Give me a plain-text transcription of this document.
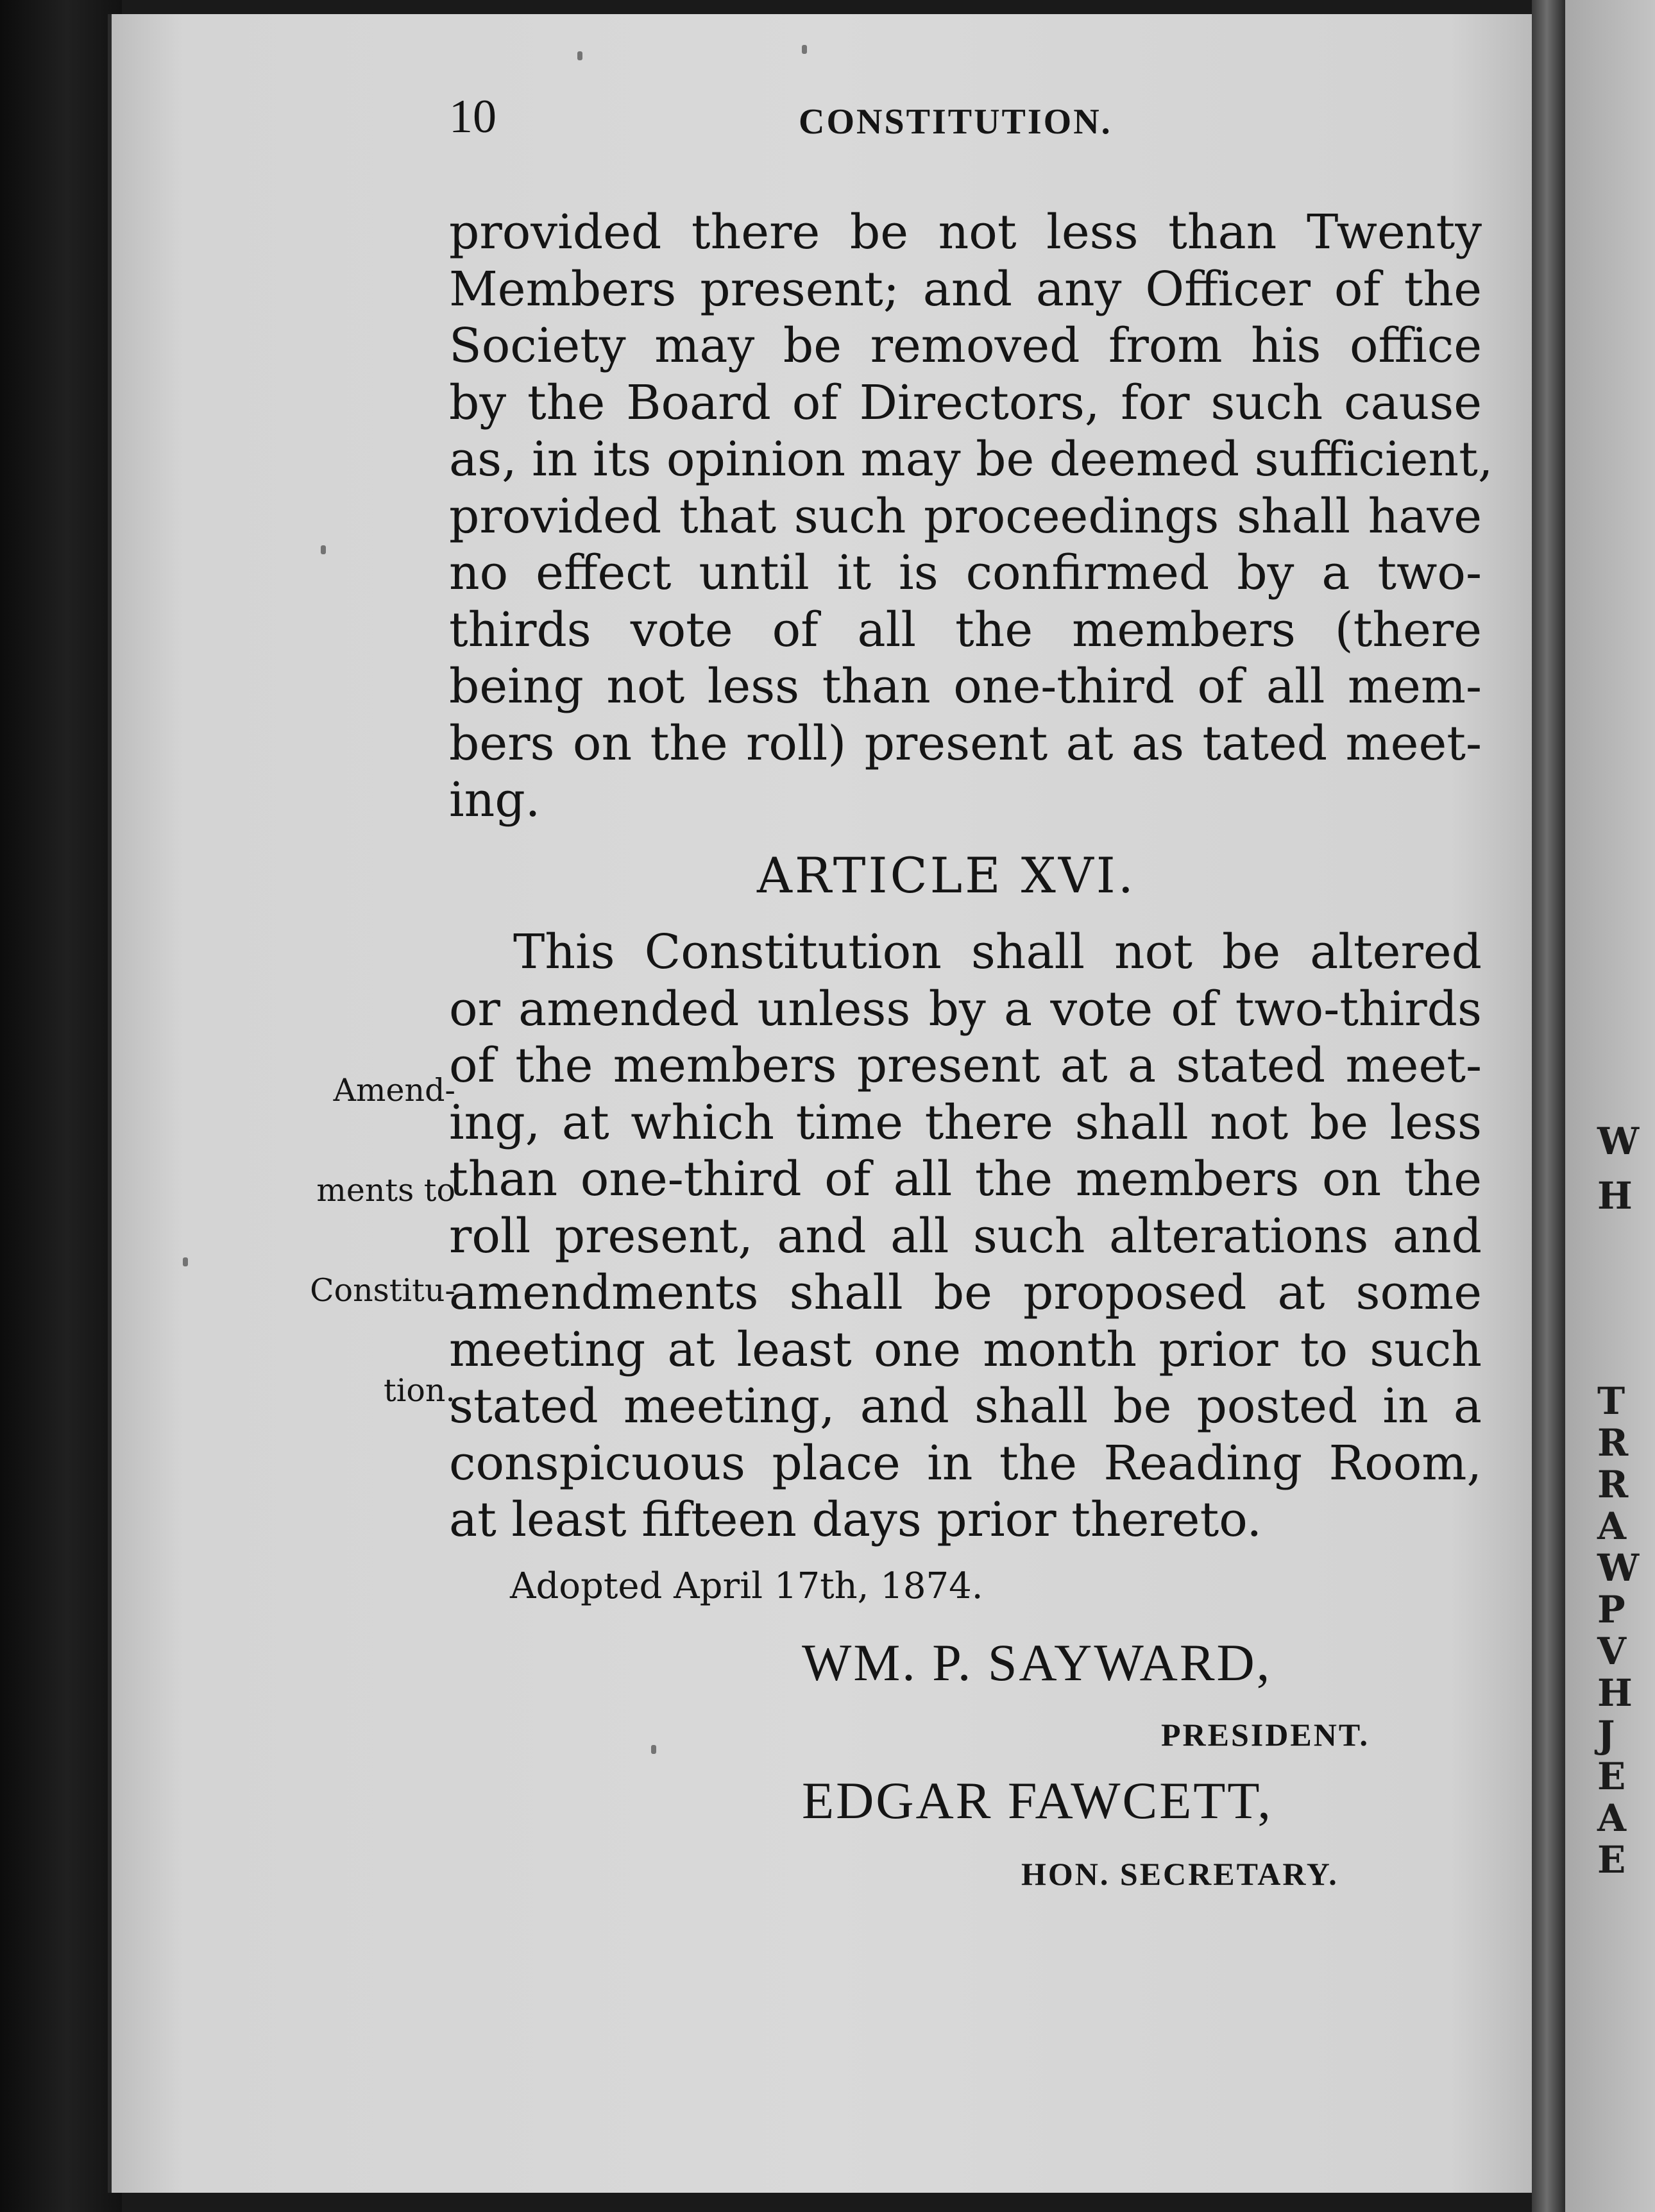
W
H
T
R
R
A
W
P
V
H
J
E
A
E
10	CONSTITUTION.
provided there be not less than Twenty
Members present; and any Officer of the
Society may be removed from his office
by the Board of Directors, for such cause
as, in its opinion may be deemed sufficient,
provided that such proceedings shall have
no effect until it is confirmed by a two-
thirds vote of all the members (there
being not less than one-third of all mem-
bers on the roll) present at as tated meet-
ing.
ARTICLE XVI.
Amend-
ments to
Constitu-
tion.
This Constitution shall not be altered
or amended unless by a vote of two-thirds
of the members present at a stated meet-
ing, at which time there shall not be less
than one-third of all the members on the
roll present, and all such alterations and
amendments shall be proposed at some
meeting at least one month prior to such
stated meeting, and shall be posted in a
conspicuous place in the Reading Room,
at least fifteen days prior thereto.
Adopted April 17th, 1874.
WM. P. SAYWARD,
PRESIDENT.
EDGAR FAWCETT,
HON. SECRETARY.
